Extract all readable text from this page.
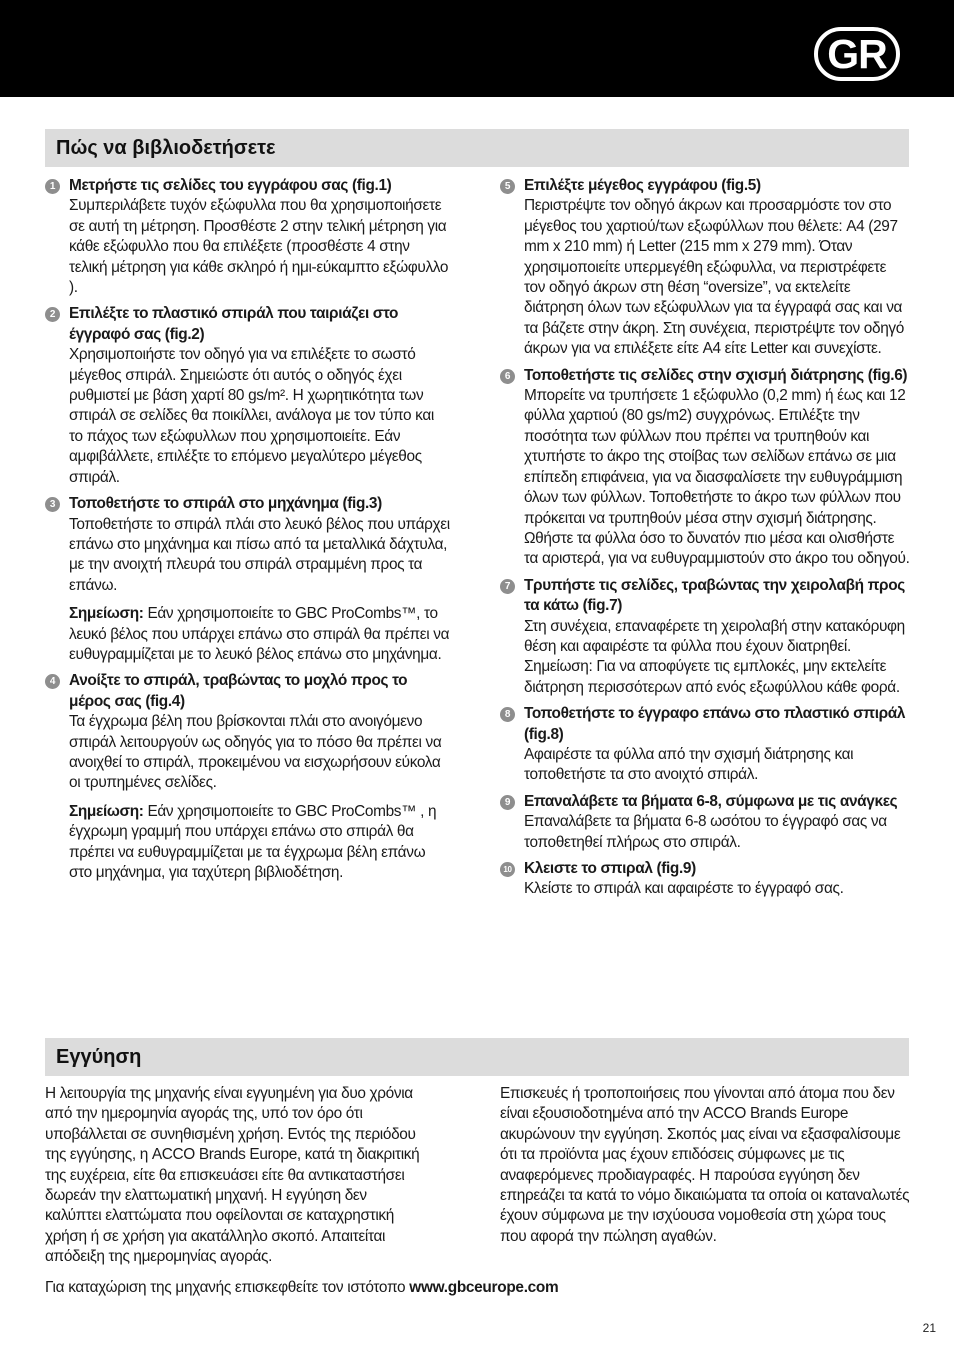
GR
Πώς να βιβλιοδετήσετε
1 Μετρήστε τις σελίδες του εγγράφου σας (fig.1)
Συμπεριλάβετε τυχόν εξώφυλλα που θα χρησιμοποιήσετε σε αυτή τη μέτρηση. Προσθέστε 2 στην τελική μέτρηση για κάθε εξώφυλλο που θα επιλέξετε (προσθέστε 4 στην τελική μέτρηση για κάθε σκληρό ή ημι-εύκαμπτο εξώφυλλο ).
2 Επιλέξτε το πλαστικό σπιράλ που ταιριάζει στο έγγραφό σας (fig.2)
Χρησιμοποιήστε τον οδηγό για να επιλέξετε το σωστό μέγεθος σπιράλ. Σημειώστε ότι αυτός ο οδηγός έχει ρυθμιστεί με βάση χαρτί 80 gs/m². Η χωρητικότητα των σπιράλ σε σελίδες θα ποικίλλει, ανάλογα με τον τύπο και το πάχος των εξώφυλλων που χρησιμοποιείτε. Εάν αμφιβάλλετε, επιλέξτε το επόμενο μεγαλύτερο μέγεθος σπιράλ.
3 Τοποθετήστε το σπιράλ στο μηχάνημα (fig.3)
Τοποθετήστε το σπιράλ πλάι στο λευκό βέλος που υπάρχει επάνω στο μηχάνημα και πίσω από τα μεταλλικά δάχτυλα, με την ανοιχτή πλευρά του σπιράλ στραμμένη προς τα επάνω.
Σημείωση: Εάν χρησιμοποιείτε το GBC ProCombs™, το λευκό βέλος που υπάρχει επάνω στο σπιράλ θα πρέπει να ευθυγραμμίζεται με το λευκό βέλος επάνω στο μηχάνημα.
4 Ανοίξτε το σπιράλ, τραβώντας το μοχλό προς το μέρος σας (fig.4)
Τα έγχρωμα βέλη που βρίσκονται πλάι στο ανοιγόμενο σπιράλ λειτουργούν ως οδηγός για το πόσο θα πρέπει να ανοιχθεί το σπιράλ, προκειμένου να εισχωρήσουν εύκολα οι τρυπημένες σελίδες.
Σημείωση: Εάν χρησιμοποιείτε το GBC ProCombs™ , η έγχρωμη γραμμή που υπάρχει επάνω στο σπιράλ θα πρέπει να ευθυγραμμίζεται με τα έγχρωμα βέλη επάνω στο μηχάνημα, για ταχύτερη βιβλιοδέτηση.
5 Επιλέξτε μέγεθος εγγράφου (fig.5)
Περιστρέψτε τον οδηγό άκρων και προσαρμόστε τον στο μέγεθος του χαρτιού/των εξωφύλλων που θέλετε: A4 (297 mm x 210 mm) ή Letter (215 mm x 279 mm). Όταν χρησιμοποιείτε υπερμεγέθη εξώφυλλα, να περιστρέφετε τον οδηγό άκρων στη θέση “oversize”, να εκτελείτε διάτρηση όλων των εξώφυλλων για τα έγγραφά σας και να τα βάζετε στην άκρη. Στη συνέχεια, περιστρέψτε τον οδηγό άκρων για να επιλέξετε είτε A4 είτε Letter και συνεχίστε.
6 Τοποθετήστε τις σελίδες στην σχισμή διάτρησης (fig.6)
Μπορείτε να τρυπήσετε 1 εξώφυλλο (0,2 mm) ή έως και 12 φύλλα χαρτιού (80 gs/m2) συγχρόνως. Επιλέξτε την ποσότητα των φύλλων που πρέπει να τρυπηθούν και χτυπήστε το άκρο της στοίβας των σελίδων επάνω σε μια επίπεδη επιφάνεια, για να διασφαλίσετε την ευθυγράμμιση όλων των φύλλων. Τοποθετήστε το άκρο των φύλλων που πρόκειται να τρυπηθούν μέσα στην σχισμή διάτρησης. Ωθήστε τα φύλλα όσο το δυνατόν πιο μέσα και ολισθήστε τα αριστερά, για να ευθυγραμμιστούν στο άκρο του οδηγού.
7 Τρυπήστε τις σελίδες, τραβώντας την χειρολαβή προς τα κάτω (fig.7)
Στη συνέχεια, επαναφέρετε τη χειρολαβή στην κατακόρυφη θέση και αφαιρέστε τα φύλλα που έχουν διατρηθεί. Σημείωση: Για να αποφύγετε τις εμπλοκές, μην εκτελείτε διάτρηση περισσότερων από ενός εξωφύλλου κάθε φορά.
8 Τοποθετήστε το έγγραφο επάνω στο πλαστικό σπιράλ (fig.8)
Αφαιρέστε τα φύλλα από την σχισμή διάτρησης και τοποθετήστε τα στο ανοιχτό σπιράλ.
9 Επαναλάβετε τα βήματα 6-8, σύμφωνα με τις ανάγκες
Επαναλάβετε τα βήματα 6-8 ωσότου το έγγραφό σας να τοποθετηθεί πλήρως στο σπιράλ.
10 Κλειστε το σπιραλ (fig.9)
Κλείστε το σπιράλ και αφαιρέστε το έγγραφό σας.
Εγγύηση
Η λειτουργία της μηχανής είναι εγγυημένη για δυο χρόνια από την ημερομηνία αγοράς της, υπό τον όρο ότι υποβάλλεται σε συνηθισμένη χρήση. Εντός της περιόδου της εγγύησης, η ACCO Brands Europe, κατά τη διακριτική της ευχέρεια, είτε θα επισκευάσει είτε θα αντικαταστήσει δωρεάν την ελαττωματική μηχανή. Η εγγύηση δεν καλύπτει ελαττώματα που οφείλονται σε καταχρηστική χρήση ή σε χρήση για ακατάλληλο σκοπό. Απαιτείται απόδειξη της ημερομηνίας αγοράς.
Επισκευές ή τροποποιήσεις που γίνονται από άτομα που δεν είναι εξουσιοδοτημένα από την ACCO Brands Europe ακυρώνουν την εγγύηση. Σκοπός μας είναι να εξασφαλίσουμε ότι τα προϊόντα μας έχουν επιδόσεις σύμφωνες με τις αναφερόμενες προδιαγραφές. Η παρούσα εγγύηση δεν επηρεάζει τα κατά το νόμο δικαιώματα τα οποία οι καταναλωτές έχουν σύμφωνα με την ισχύουσα νομοθεσία στη χώρα τους που αφορά την πώληση αγαθών.
Για καταχώριση της μηχανής επισκεφθείτε τον ιστότοπο www.gbceurope.com
21
